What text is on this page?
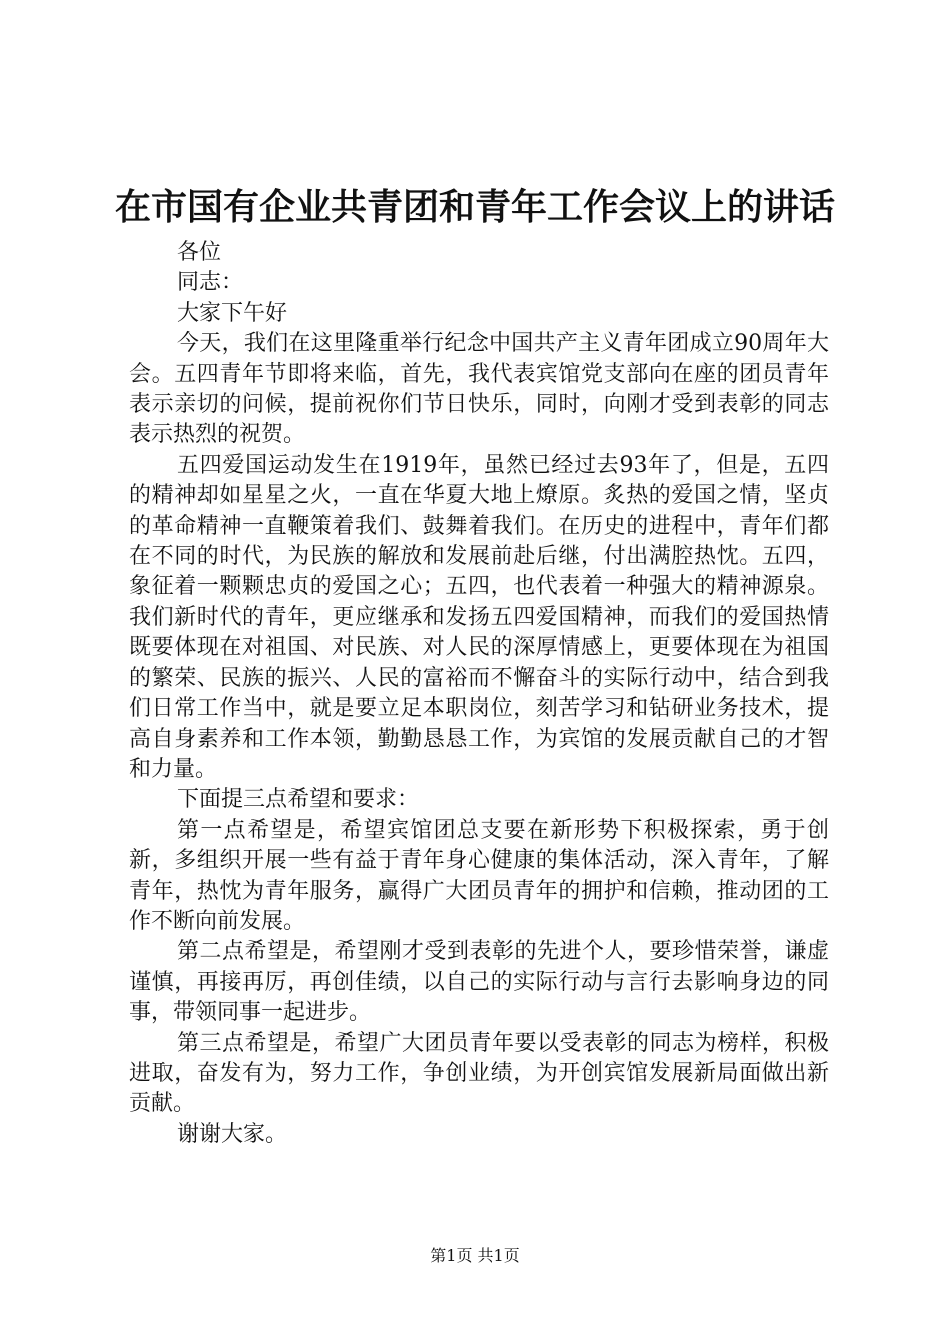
在市国有企业共青团和青年工作会议上的讲话

各位

同志：

大家下午好

今天，我们在这里隆重举行纪念中国共产主义青年团成立90周年大会。五四青年节即将来临，首先，我代表宾馆党支部向在座的团员青年表示亲切的问候，提前祝你们节日快乐，同时，向刚才受到表彰的同志表示热烈的祝贺。

五四爱国运动发生在1919年，虽然已经过去93年了，但是，五四的精神却如星星之火，一直在华夏大地上燎原。炙热的爱国之情，坚贞的革命精神一直鞭策着我们、鼓舞着我们。在历史的进程中，青年们都在不同的时代，为民族的解放和发展前赴后继，付出满腔热忱。五四，象征着一颗颗忠贞的爱国之心；五四，也代表着一种强大的精神源泉。我们新时代的青年，更应继承和发扬五四爱国精神，而我们的爱国热情既要体现在对祖国、对民族、对人民的深厚情感上，更要体现在为祖国的繁荣、民族的振兴、人民的富裕而不懈奋斗的实际行动中，结合到我们日常工作当中，就是要立足本职岗位，刻苦学习和钻研业务技术，提高自身素养和工作本领，勤勤恳恳工作，为宾馆的发展贡献自己的才智和力量。

下面提三点希望和要求：

第一点希望是，希望宾馆团总支要在新形势下积极探索，勇于创新，多组织开展一些有益于青年身心健康的集体活动，深入青年，了解青年，热忱为青年服务，赢得广大团员青年的拥护和信赖，推动团的工作不断向前发展。

第二点希望是，希望刚才受到表彰的先进个人，要珍惜荣誉，谦虚谨慎，再接再厉，再创佳绩，以自己的实际行动与言行去影响身边的同事，带领同事一起进步。

第三点希望是，希望广大团员青年要以受表彰的同志为榜样，积极进取，奋发有为，努力工作，争创业绩，为开创宾馆发展新局面做出新贡献。

谢谢大家。

第1页 共1页
